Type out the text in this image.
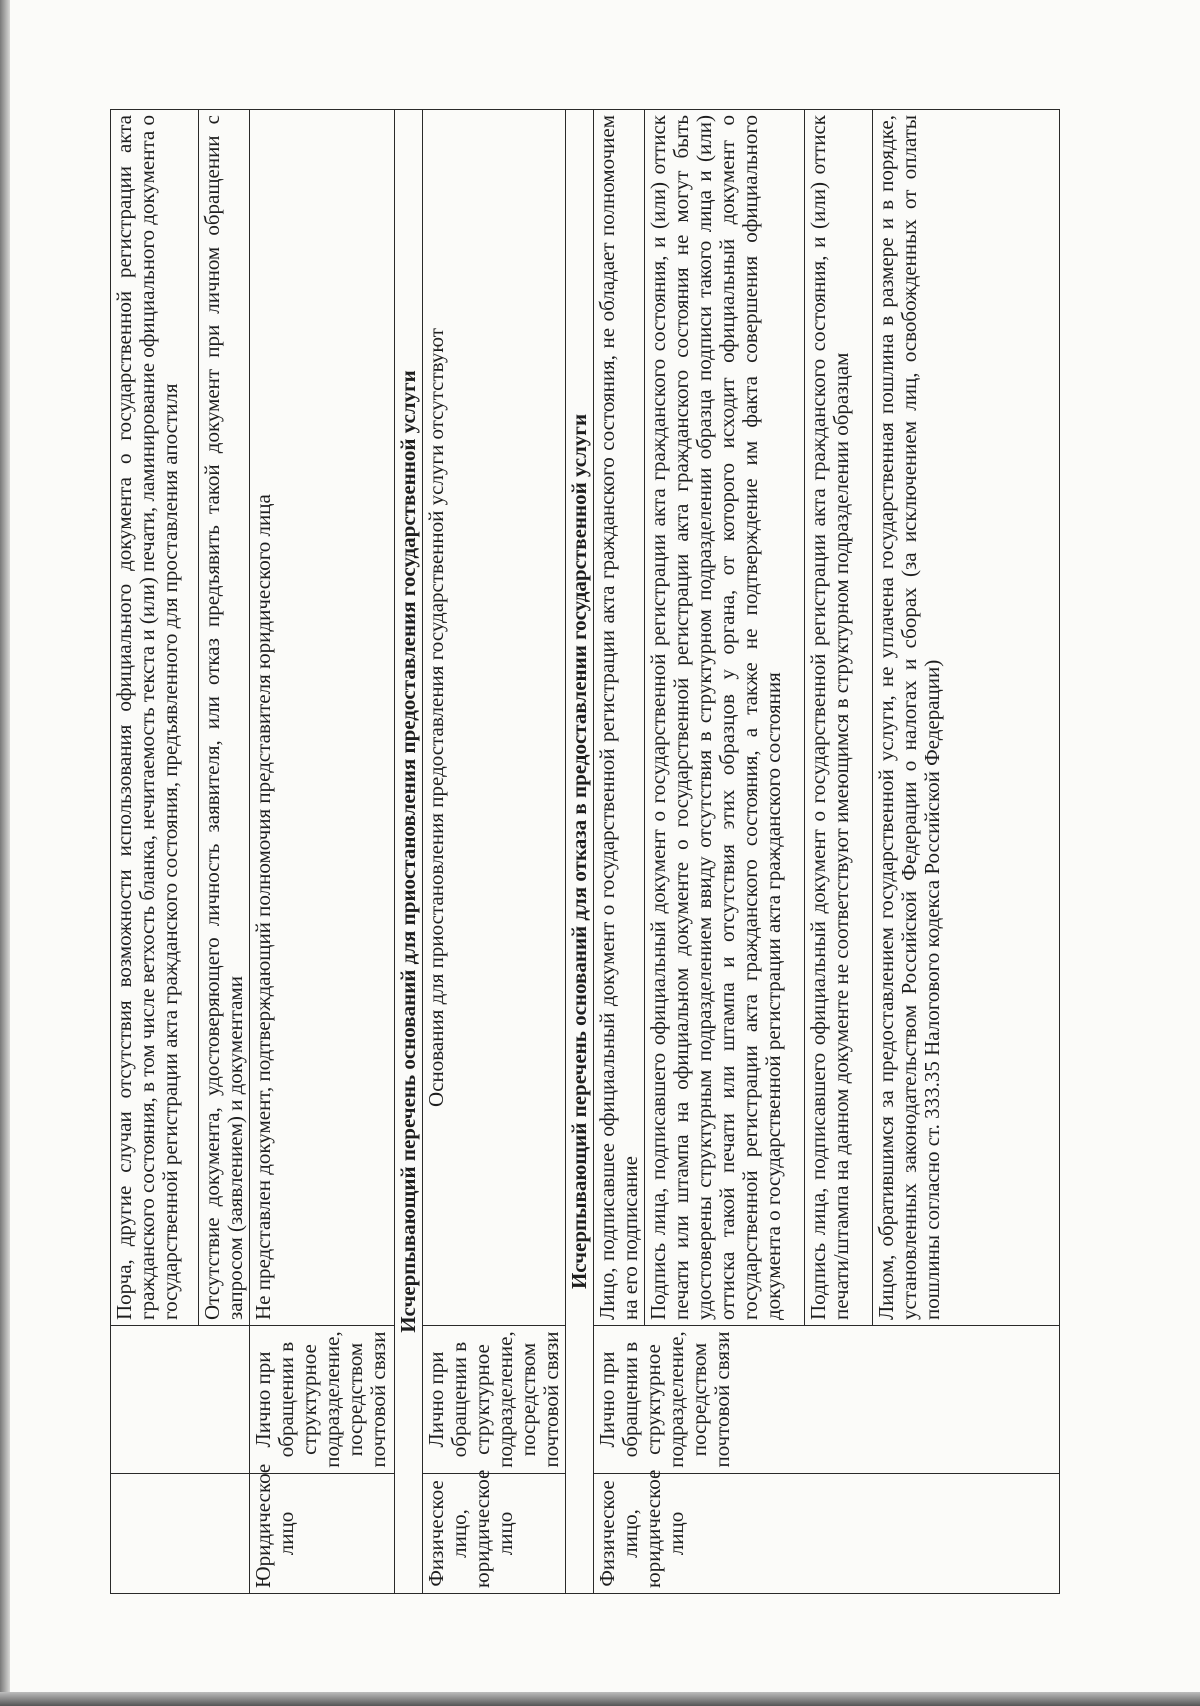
		Порча, другие случаи отсутствия возможности использования официального документа о государственной регистрации акта гражданского состояния, в том числе ветхость бланка, нечитаемость текста и (или) печати, ламинирование официального документа о государственной регистрации акта гражданского состояния, предъявленного для проставления апостиля
		Отсутствие документа, удостоверяющего личность заявителя, или отказ предъявить такой документ при личном обращении с запросом (заявлением) и документами
Юридическое лицо	Лично при обращении в структурное подразделение, посредством почтовой связи	Не представлен документ, подтверждающий полномочия представителя юридического лица
Исчерпывающий перечень оснований для приостановления предоставления государственной услуги		
Физическое лицо, юридическое лицо	Лично при обращении в структурное подразделение, посредством почтовой связи	Основания для приостановления предоставления государственной услуги отсутствуют
Исчерпывающий перечень оснований для отказа в предоставлении государственной услуги		
Физическое лицо, юридическое лицо	Лично при обращении в структурное подразделение, посредством почтовой связи	Лицо, подписавшее официальный документ о государственной регистрации акта гражданского состояния, не обладает полномочием на его подписание
		Подпись лица, подписавшего официальный документ о государственной регистрации акта гражданского состояния, и (или) оттиск печати или штампа на официальном документе о государственной регистрации акта гражданского состояния не могут быть удостоверены структурным подразделением ввиду отсутствия в структурном подразделении образца подписи такого лица и (или) оттиска такой печати или штампа и отсутствия этих образцов у органа, от которого исходит официальный документ о государственной регистрации акта гражданского состояния, а также не подтверждение им факта совершения официального документа о государственной регистрации акта гражданского состояния
		Подпись лица, подписавшего официальный документ о государственной регистрации акта гражданского состояния, и (или) оттиск печати/штампа на данном документе не соответствуют имеющимся в структурном подразделении образцам
		Лицом, обратившимся за предоставлением государственной услуги, не уплачена государственная пошлина в размере и в порядке, установленных законодательством Российской Федерации о налогах и сборах (за исключением лиц, освобожденных от оплаты пошлины согласно ст. 333.35 Налогового кодекса Российской Федерации)
